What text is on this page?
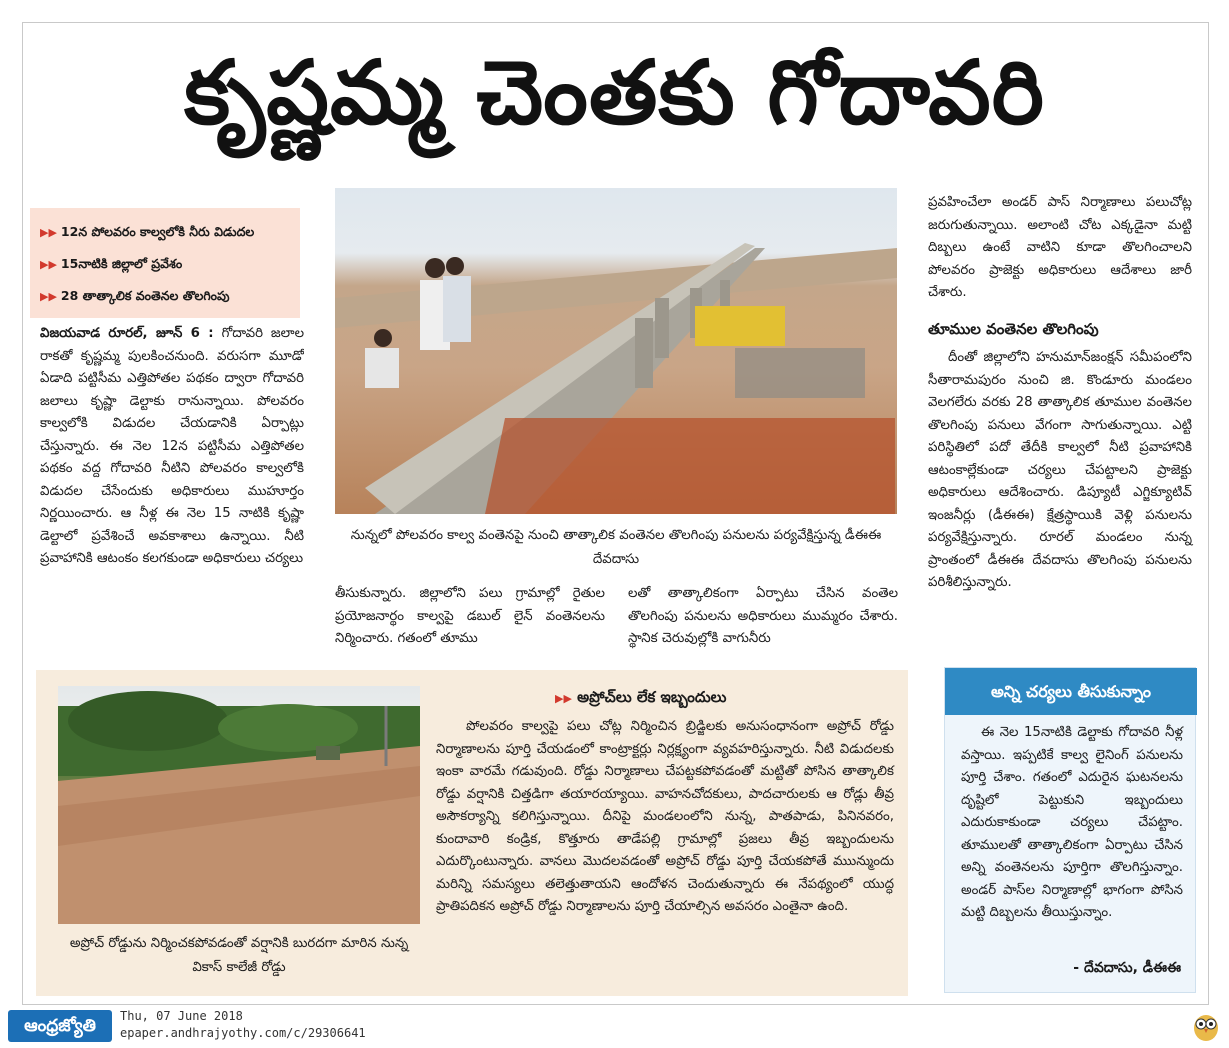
కృష్ణమ్మ చెంతకు గోదావరి
▶▶ 12న పోలవరం కాల్వలోకి నీరు విడుదల
▶▶ 15నాటికి జిల్లాలో ప్రవేశం
▶▶ 28 తాత్కాలిక వంతెనల తొలగింపు

విజయవాడ రూరల్‌, జూన్‌ 6 : గోదావరి జలాల రాకతో కృష్ణమ్మ పులకించనుంది. వరుసగా మూడో ఏడాది పట్టిసీమ ఎత్తిపోతల పథకం ద్వారా గోదావరి జలాలు కృష్ణా డెల్టాకు రానున్నాయి. పోలవరం కాల్వలోకి విడుదల చేయడానికి ఏర్పాట్లు చేస్తున్నారు. ఈ నెల 12న పట్టిసీమ ఎత్తిపోతల పథకం వద్ద గోదావరి నీటిని పోలవరం కాల్వలోకి విడుదల చేసేందుకు అధికారులు ముహూర్తం నిర్ణయించారు. ఆ నీళ్ల ఈ నెల 15 నాటికి కృష్ణా డెల్టాలో ప్రవేశించే అవకాశాలు ఉన్నాయి. నీటి ప్రవాహానికి ఆటంకం కలగకుండా అధికారులు చర్యలు

నున్నలో పోలవరం కాల్వ వంతెనపై నుంచి తాత్కాలిక వంతెనల తొలగింపు పనులను పర్యవేక్షిస్తున్న డీఈఈ దేవదాసు

తీసుకున్నారు. జిల్లాలోని పలు గ్రామాల్లో రైతుల ప్రయోజనార్థం కాల్వపై డబుల్‌ లైన్‌ వంతెనలను నిర్మించారు. గతంలో తూము

లతో తాత్కాలికంగా ఏర్పాటు చేసిన వంతెల తొలగింపు పనులను అధికారులు ముమ్మరం చేశారు. స్థానిక చెరువుల్లోకి వాగునీరు

ప్రవహించేలా అండర్‌ పాస్‌ నిర్మాణాలు పలుచోట్ల జరుగుతున్నాయి. అలాంటి చోట ఎక్కడైనా మట్టి దిబ్బలు ఉంటే వాటిని కూడా తొలగించాలని పోలవరం ప్రాజెక్టు అధికారులు ఆదేశాలు జారీ చేశారు.

తూముల వంతెనల తొలగింపు

దీంతో జిల్లాలోని హనుమాన్‌జంక్షన్‌ సమీపంలోని సీతారామపురం నుంచి జి. కొండూరు మండలం వెలగలేరు వరకు 28 తాత్కాలిక తూముల వంతెనల తొలగింపు పనులు వేగంగా సాగుతున్నాయి. ఎట్టి పరిస్థితిలో పదో తేదీకి కాల్వలో నీటి ప్రవాహానికి ఆటంకాల్లేకుండా చర్యలు చేపట్టాలని ప్రాజెక్టు అధికారులు ఆదేశించారు. డిప్యూటీ ఎగ్జిక్యూటివ్‌ ఇంజనీర్లు (డీఈఈ) క్షేత్రస్థాయికి వెళ్లి పనులను పర్యవేక్షిస్తున్నారు. రూరల్‌ మండలం నున్న ప్రాంతంలో డీఈఈ దేవదాసు తొలగింపు పనులను పరిశీలిస్తున్నారు.

అప్రోచ్‌ రోడ్డును నిర్మించకపోవడంతో వర్షానికి బురదగా మారిన నున్న వికాస్‌ కాలేజీ రోడ్డు
▶▶ అప్రోచ్‌లు లేక ఇబ్బందులు

పోలవరం కాల్వపై పలు చోట్ల నిర్మించిన బ్రిడ్జిలకు అనుసంధానంగా అప్రోచ్‌ రోడ్డు నిర్మాణాలను పూర్తి చేయడంలో కాంట్రాక్టర్లు నిర్లక్ష్యంగా వ్యవహరిస్తున్నారు. నీటి విడుదలకు ఇంకా వారమే గడువుంది. రోడ్డు నిర్మాణాలు చేపట్టకపోవడంతో మట్టితో పోసిన తాత్కాలిక రోడ్డు వర్షానికి చిత్తడిగా తయారయ్యాయి. వాహనచోదకులు, పాదచారులకు ఆ రోడ్లు తీవ్ర అసౌకర్యాన్ని కలిగిస్తున్నాయి. దీనిపై మండలంలోని నున్న, పాతపాడు, పినినవరం, కుందావారి కండ్రిక, కొత్తూరు తాడేపల్లి గ్రామాల్లో ప్రజలు తీవ్ర ఇబ్బందులను ఎదుర్కొంటున్నారు. వానలు మొదలవడంతో అప్రోచ్‌ రోడ్డు పూర్తి చేయకపోతే ముున్ముందు మరిన్ని సమస్యలు తలెత్తుతాయని ఆందోళన చెందుతున్నారు ఈ నేపథ్యంలో యుద్ధ ప్రాతిపదికన అప్రోచ్‌ రోడ్డు నిర్మాణాలను పూర్తి చేయాల్సిన అవసరం ఎంతైనా ఉంది.

అన్ని చర్యలు తీసుకున్నాం

ఈ నెల 15నాటికి డెల్టాకు గోదావరి నీళ్ల వస్తాయి. ఇప్పటికే కాల్వ లైనింగ్‌ పనులను పూర్తి చేశాం. గతంలో ఎదురైన ఘటనలను దృష్టిలో పెట్టుకుని ఇబ్బందులు ఎదురుకాకుండా చర్యలు చేపట్టాం. తూములతో తాత్కాలికంగా ఏర్పాటు చేసిన అన్ని వంతెనలను పూర్తిగా తొలగిస్తున్నాం. అండర్‌ పాస్‌ల నిర్మాణాల్లో భాగంగా పోసిన మట్టి దిబ్బలను తీయిస్తున్నాం.

- దేవదాసు, డీఈఈ
ఆంధ్రజ్యోతి	Thu, 07 June 2018
epaper.andhrajyothy.com/c/29306641
